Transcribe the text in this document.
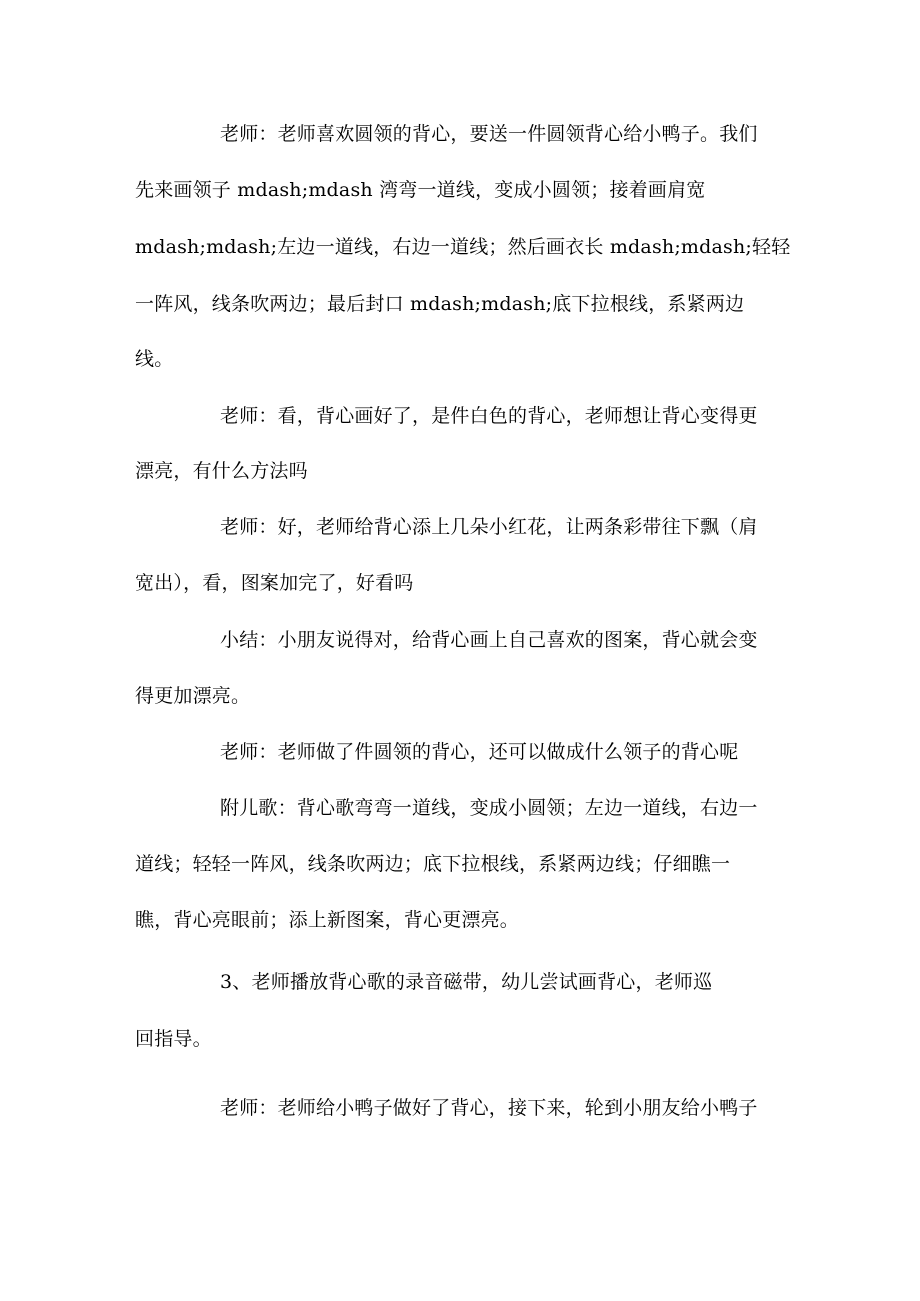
老师：老师喜欢圆领的背心，要送一件圆领背心给小鸭子。我们
先来画领子 mdash;mdash 湾弯一道线，变成小圆领；接着画肩宽
mdash;mdash;左边一道线，右边一道线；然后画衣长 mdash;mdash;轻轻
一阵风，线条吹两边；最后封口 mdash;mdash;底下拉根线，系紧两边
线。
老师：看，背心画好了，是件白色的背心，老师想让背心变得更
漂亮，有什么方法吗
老师：好，老师给背心添上几朵小红花，让两条彩带往下飘（肩
宽出），看，图案加完了，好看吗
小结：小朋友说得对，给背心画上自己喜欢的图案，背心就会变
得更加漂亮。
老师：老师做了件圆领的背心，还可以做成什么领子的背心呢
附儿歌：背心歌弯弯一道线，变成小圆领；左边一道线，右边一
道线；轻轻一阵风，线条吹两边；底下拉根线，系紧两边线；仔细瞧一
瞧，背心亮眼前；添上新图案，背心更漂亮。
3、老师播放背心歌的录音磁带，幼儿尝试画背心，老师巡
回指导。
老师：老师给小鸭子做好了背心，接下来，轮到小朋友给小鸭子
